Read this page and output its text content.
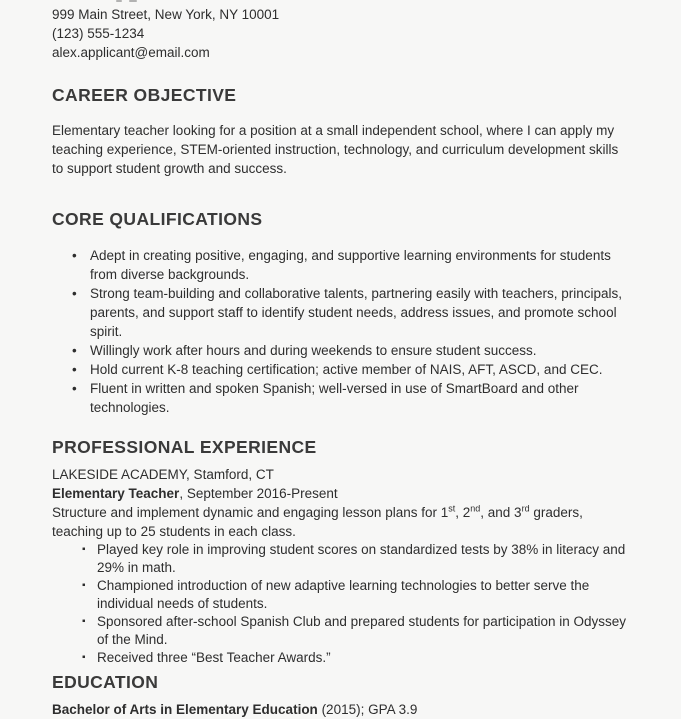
999 Main Street, New York, NY 10001
(123) 555-1234
alex.applicant@email.com
CAREER OBJECTIVE
Elementary teacher looking for a position at a small independent school, where I can apply my teaching experience, STEM-oriented instruction, technology, and curriculum development skills to support student growth and success.
CORE QUALIFICATIONS
• Adept in creating positive, engaging, and supportive learning environments for students from diverse backgrounds.
• Strong team-building and collaborative talents, partnering easily with teachers, principals, parents, and support staff to identify student needs, address issues, and promote school spirit.
• Willingly work after hours and during weekends to ensure student success.
• Hold current K-8 teaching certification; active member of NAIS, AFT, ASCD, and CEC.
• Fluent in written and spoken Spanish; well-versed in use of SmartBoard and other technologies.
PROFESSIONAL EXPERIENCE
LAKESIDE ACADEMY, Stamford, CT
Elementary Teacher, September 2016-Present
Structure and implement dynamic and engaging lesson plans for 1st, 2nd, and 3rd graders, teaching up to 25 students in each class.
▪ Played key role in improving student scores on standardized tests by 38% in literacy and 29% in math.
▪ Championed introduction of new adaptive learning technologies to better serve the individual needs of students.
▪ Sponsored after-school Spanish Club and prepared students for participation in Odyssey of the Mind.
▪ Received three “Best Teacher Awards.”
EDUCATION
Bachelor of Arts in Elementary Education (2015); GPA 3.9
